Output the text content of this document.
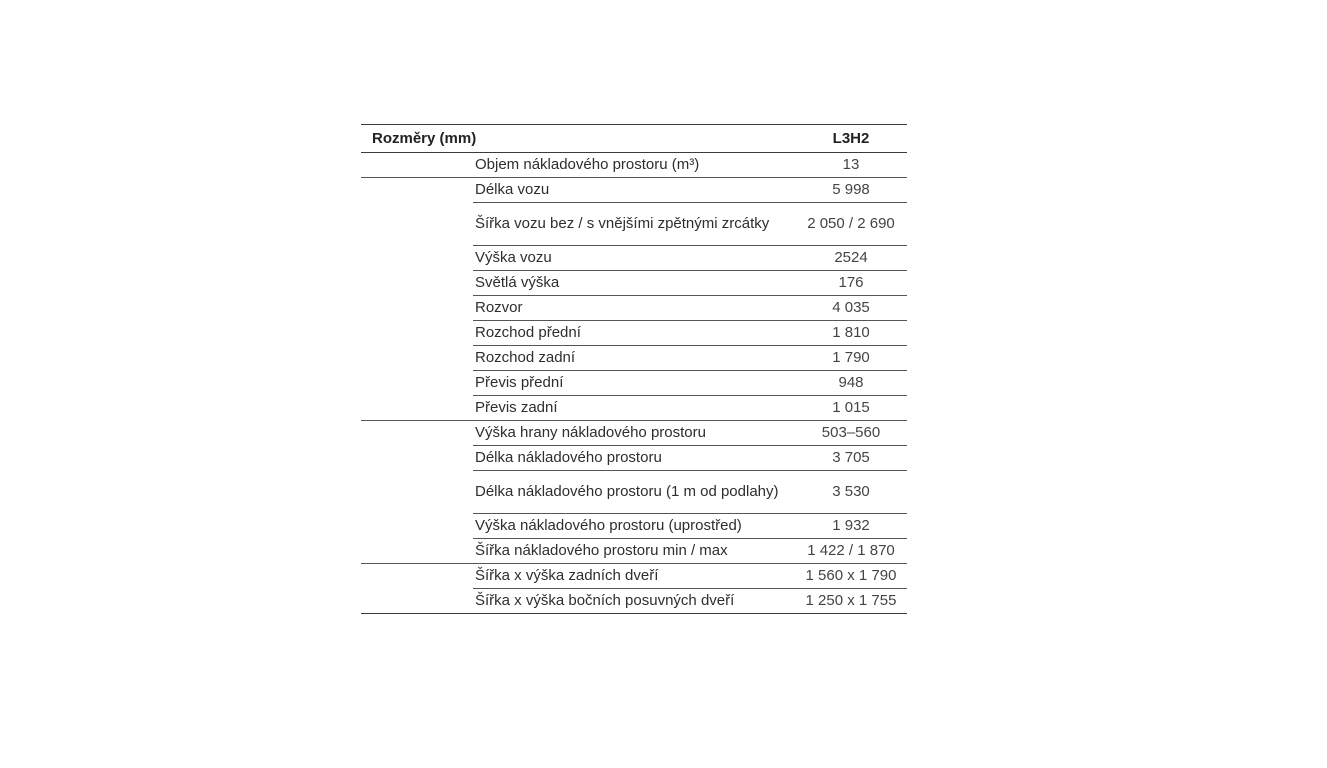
Rozměry (mm)		L3H2
	Objem nákladového prostoru (m³)	13
	Délka vozu	5 998
	Šířka vozu bez / s vnějšími zpětnými zrcátky	2 050 / 2 690
	Výška vozu	2524
	Světlá výška	176
	Rozvor	4 035
	Rozchod přední	1 810
	Rozchod zadní	1 790
	Převis přední	948
	Převis zadní	1 015
	Výška hrany nákladového prostoru	503–560
	Délka nákladového prostoru	3 705
	Délka nákladového prostoru (1 m od podlahy)	3 530
	Výška nákladového prostoru (uprostřed)	1 932
	Šířka nákladového prostoru min / max	1 422 / 1 870
	Šířka x výška zadních dveří	1 560 x 1 790
	Šířka x výška bočních posuvných dveří	1 250 x 1 755
